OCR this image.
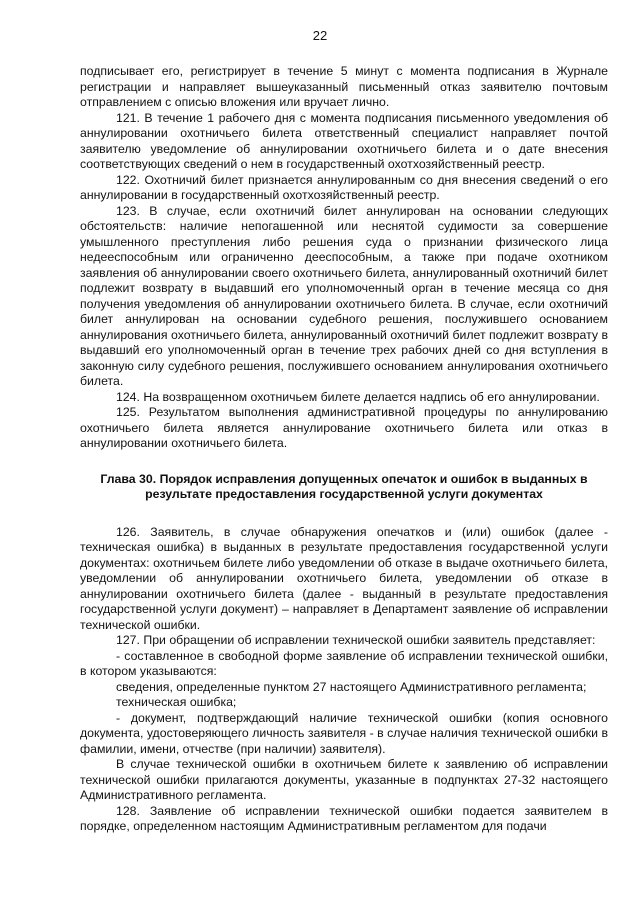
22

подписывает его, регистрирует в течение 5 минут с момента подписания в Журнале регистрации и направляет вышеуказанный письменный отказ заявителю почтовым отправлением с описью вложения или вручает лично.

121. В течение 1 рабочего дня с момента подписания письменного уведомления об аннулировании охотничьего билета ответственный специалист направляет почтой заявителю уведомление об аннулировании охотничьего билета и о дате внесения соответствующих сведений о нем в государственный охотхозяйственный реестр.

122. Охотничий билет признается аннулированным со дня внесения сведений о его аннулировании в государственный охотхозяйственный реестр.

123. В случае, если охотничий билет аннулирован на основании следующих обстоятельств: наличие непогашенной или неснятой судимости за совершение умышленного преступления либо решения суда о признании физического лица недееспособным или ограниченно дееспособным, а также при подаче охотником заявления об аннулировании своего охотничьего билета, аннулированный охотничий билет подлежит возврату в выдавший его уполномоченный орган в течение месяца со дня получения уведомления об аннулировании охотничьего билета. В случае, если охотничий билет аннулирован на основании судебного решения, послужившего основанием аннулирования охотничьего билета, аннулированный охотничий билет подлежит возврату в выдавший его уполномоченный орган в течение трех рабочих дней со дня вступления в законную силу судебного решения, послужившего основанием аннулирования охотничьего билета.

124. На возвращенном охотничьем билете делается надпись об его аннулировании.

125. Результатом выполнения административной процедуры по аннулированию охотничьего билета является аннулирование охотничьего билета или отказ в аннулировании охотничьего билета.

Глава 30. Порядок исправления допущенных опечаток и ошибок в выданных в результате предоставления государственной услуги документах

126. Заявитель, в случае обнаружения опечатков и (или) ошибок (далее - техническая ошибка) в выданных в результате предоставления государственной услуги документах: охотничьем билете либо уведомлении об отказе в выдаче охотничьего билета, уведомлении об аннулировании охотничьего билета, уведомлении об отказе в аннулировании охотничьего билета (далее - выданный в результате предоставления государственной услуги документ) – направляет в Департамент заявление об исправлении технической ошибки.

127. При обращении об исправлении технической ошибки заявитель представляет:

- составленное в свободной форме заявление об исправлении технической ошибки, в котором указываются:

сведения, определенные пунктом 27 настоящего Административного регламента;

техническая ошибка;

- документ, подтверждающий наличие технической ошибки (копия основного документа, удостоверяющего личность заявителя - в случае наличия технической ошибки в фамилии, имени, отчестве (при наличии) заявителя).

В случае технической ошибки в охотничьем билете к заявлению об исправлении технической ошибки прилагаются документы, указанные в подпунктах 27-32 настоящего Административного регламента.

128. Заявление об исправлении технической ошибки подается заявителем в порядке, определенном настоящим Административным регламентом для подачи
